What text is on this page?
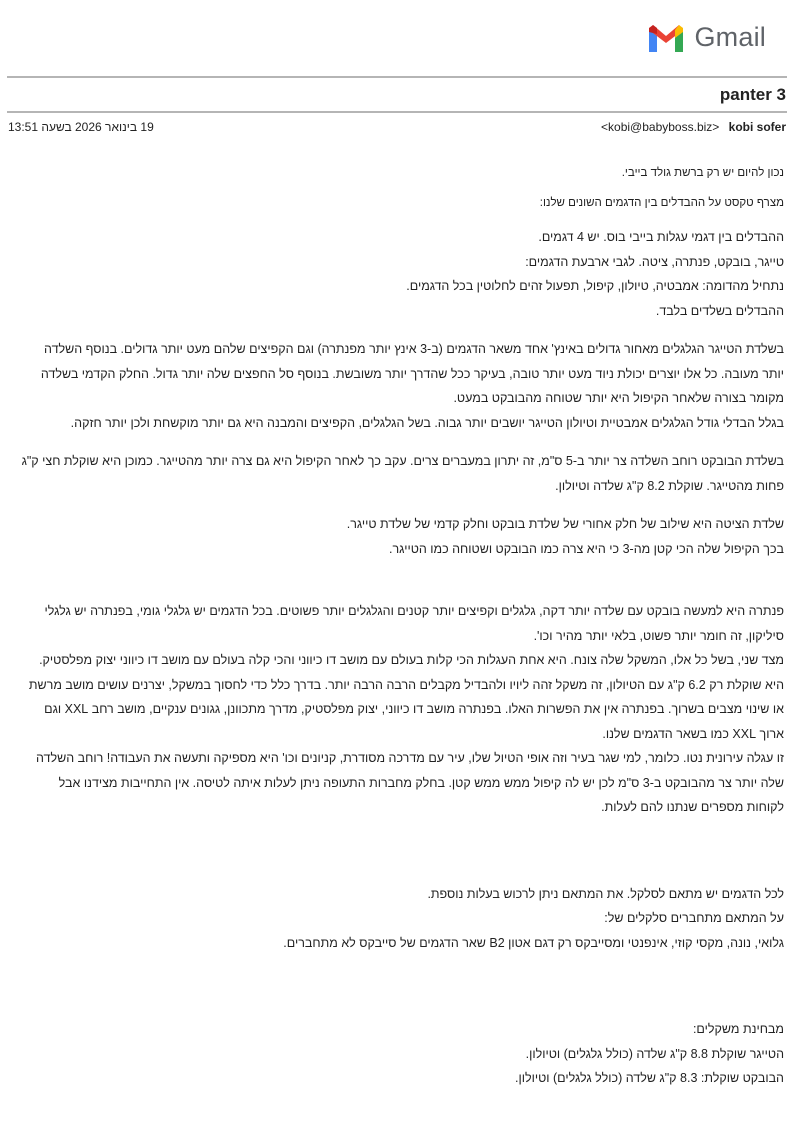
Gmail
panter 3
<kobi@babyboss.biz> kobi sofer
19 בינואר 2026 בשעה 13:51

נכון להיום יש רק ברשת גולד בייבי.

מצרף טקסט על ההבדלים בין הדגמים השונים שלנו:

ההבדלים בין דגמי עגלות בייבי בוס. יש 4 דגמים.

טייגר, בובקט, פנתרה, ציטה. לגבי ארבעת הדגמים:

נתחיל מהדומה: אמבטיה, טיולון, קיפול, תפעול זהים לחלוטין בכל הדגמים.

ההבדלים בשלדים בלבד.

בשלדת הטייגר הגלגלים מאחור גדולים באינץ' אחד משאר הדגמים (ב-3 אינץ יותר מפנתרה) וגם הקפיצים שלהם מעט יותר גדולים. בנוסף השלדה יותר מעובה. כל אלו יוצרים יכולת ניוד מעט יותר טובה, בעיקר ככל שהדרך יותר משובשת. בנוסף סל החפצים שלה יותר גדול. החלק הקדמי בשלדה מקומר בצורה שלאחר הקיפול היא יותר שטוחה מהבובקט במעט.

בגלל הבדלי גודל הגלגלים אמבטיית וטיולון הטייגר יושבים יותר גבוה. בשל הגלגלים, הקפיצים והמבנה היא גם יותר מוקשחת ולכן יותר חזקה.

בשלדת הבובקט רוחב השלדה צר יותר ב-5 ס"מ, זה יתרון במעברים צרים. עקב כך לאחר הקיפול היא גם צרה יותר מהטייגר. כמוכן היא שוקלת חצי ק"ג פחות מהטייגר. שוקלת 8.2 ק"ג שלדה וטיולון.

שלדת הציטה היא שילוב של חלק אחורי של שלדת בובקט וחלק קדמי של שלדת טייגר.

בכך הקיפול שלה הכי קטן מה-3 כי היא צרה כמו הבובקט ושטוחה כמו הטייגר.

פנתרה היא למעשה בובקט עם שלדה יותר דקה, גלגלים וקפיצים יותר קטנים והגלגלים יותר פשוטים. בכל הדגמים יש גלגלי גומי, בפנתרה יש גלגלי סיליקון, זה חומר יותר פשוט, בלאי יותר מהיר וכו'.

מצד שני, בשל כל אלו, המשקל שלה צונח. היא אחת העגלות הכי קלות בעולם עם מושב דו כיווני והכי קלה בעולם עם מושב דו כיווני יצוק מפלסטיק. היא שוקלת רק 6.2 ק"ג עם הטיולון, זה משקל זהה ליויו ולהבדיל מקבלים הרבה הרבה יותר. בדרך כלל כדי לחסוך במשקל, יצרנים עושים מושב מרשת או שינוי מצבים בשרוך. בפנתרה אין את הפשרות האלו. בפנתרה מושב דו כיווני, יצוק מפלסטיק, מדרך מתכוונן, גגונים ענקיים, מושב רחב XXL וגם ארוך XXL כמו בשאר הדגמים שלנו.

זו עגלה עירונית נטו. כלומר, למי שגר בעיר וזה אופי הטיול שלו, עיר עם מדרכה מסודרת, קניונים וכו' היא מספיקה ותעשה את העבודה! רוחב השלדה שלה יותר צר מהבובקט ב-3 ס"מ לכן יש לה קיפול ממש ממש קטן. בחלק מחברות התעופה ניתן לעלות איתה לטיסה. אין התחייבות מצידנו אבל לקוחות מספרים שנתנו להם לעלות.

לכל הדגמים יש מתאם לסלקל. את המתאם ניתן לרכוש בעלות נוספת.

על המתאם מתחברים סלקלים של:

גלואי, נונה, מקסי קוזי, אינפנטי ומסייבקס רק דגם אטון B2 שאר הדגמים של סייבקס לא מתחברים.

מבחינת משקלים:

הטייגר שוקלת 8.8 ק"ג שלדה (כולל גלגלים) וטיולון.

הבובקט שוקלת: 8.3 ק"ג שלדה (כולל גלגלים) וטיולון.
